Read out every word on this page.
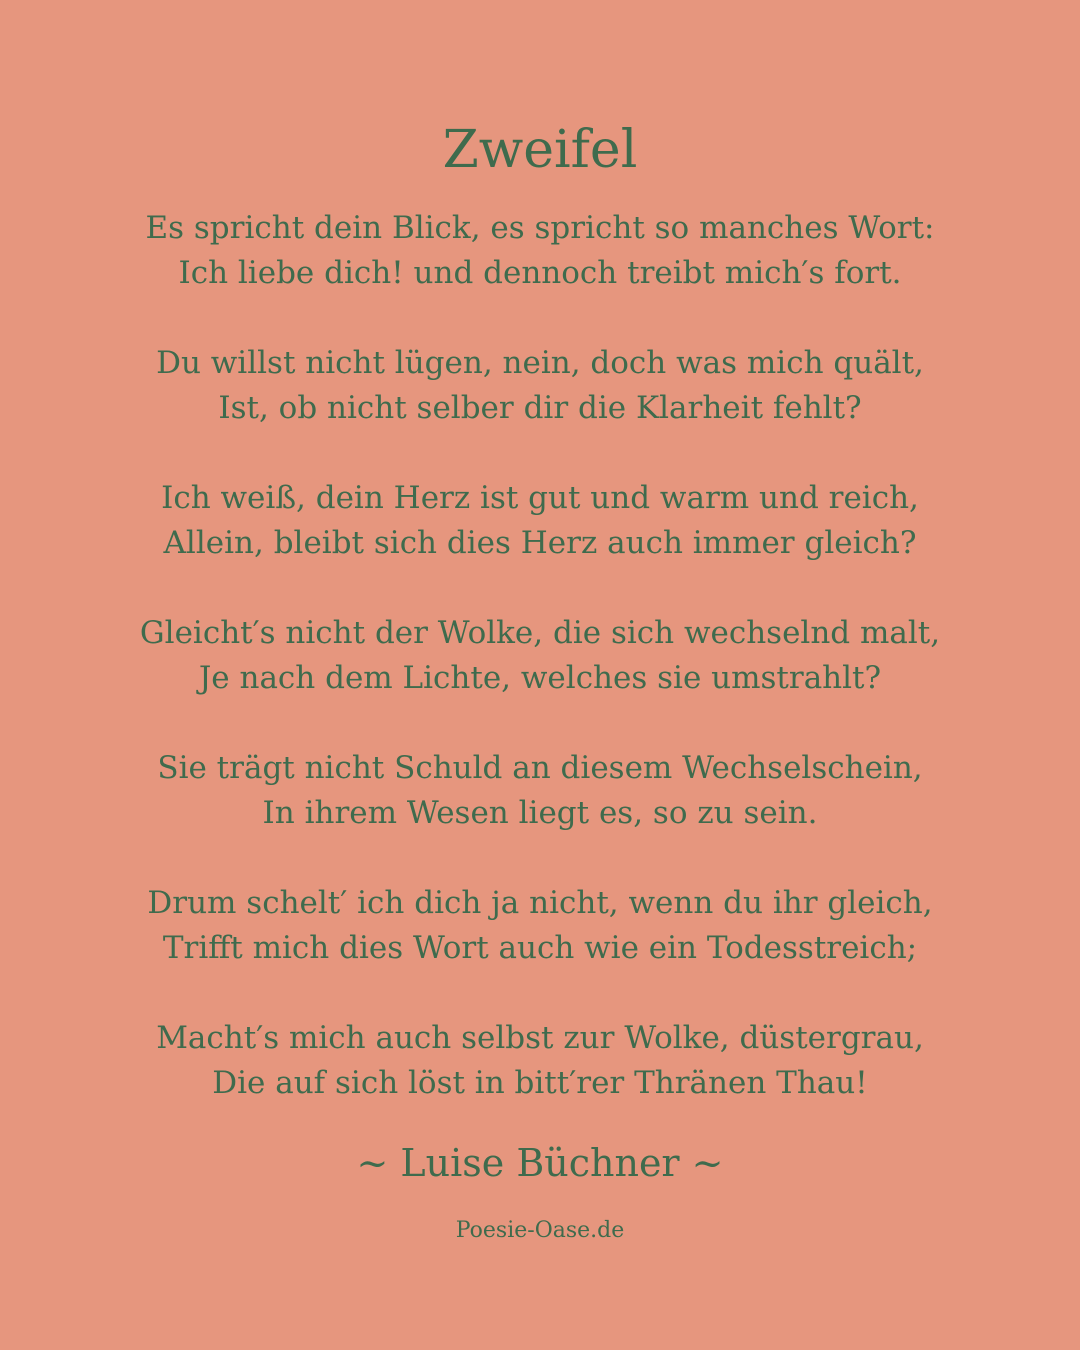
Zweifel
Es spricht dein Blick, es spricht so manches Wort:
Ich liebe dich! und dennoch treibt mich′s fort.
Du willst nicht lügen, nein, doch was mich quält,
Ist, ob nicht selber dir die Klarheit fehlt?
Ich weiß, dein Herz ist gut und warm und reich,
Allein, bleibt sich dies Herz auch immer gleich?
Gleicht′s nicht der Wolke, die sich wechselnd malt,
Je nach dem Lichte, welches sie umstrahlt?
Sie trägt nicht Schuld an diesem Wechselschein,
In ihrem Wesen liegt es, so zu sein.
Drum schelt′ ich dich ja nicht, wenn du ihr gleich,
Trifft mich dies Wort auch wie ein Todesstreich;
Macht′s mich auch selbst zur Wolke, düstergrau,
Die auf sich löst in bitt′rer Thränen Thau!
~ Luise Büchner ~
Poesie-Oase.de
